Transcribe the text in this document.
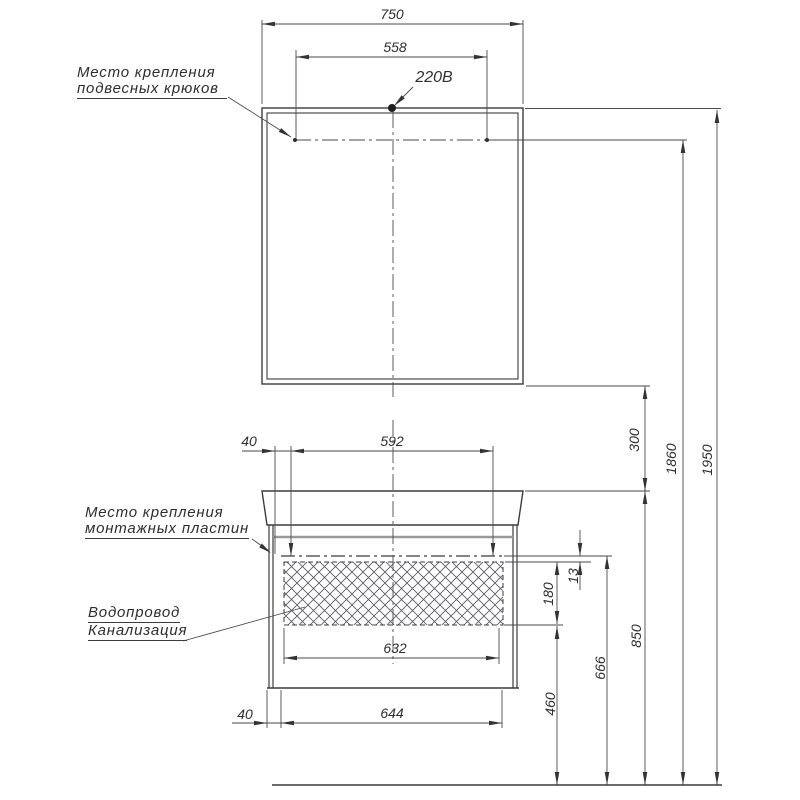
750
558
220В
40	592
632
40	644
300
1860 1950
13
180
460
666
850
Место крепления
подвесных крюков
Место крепления
монтажных пластин
Водопровод
Канализация
